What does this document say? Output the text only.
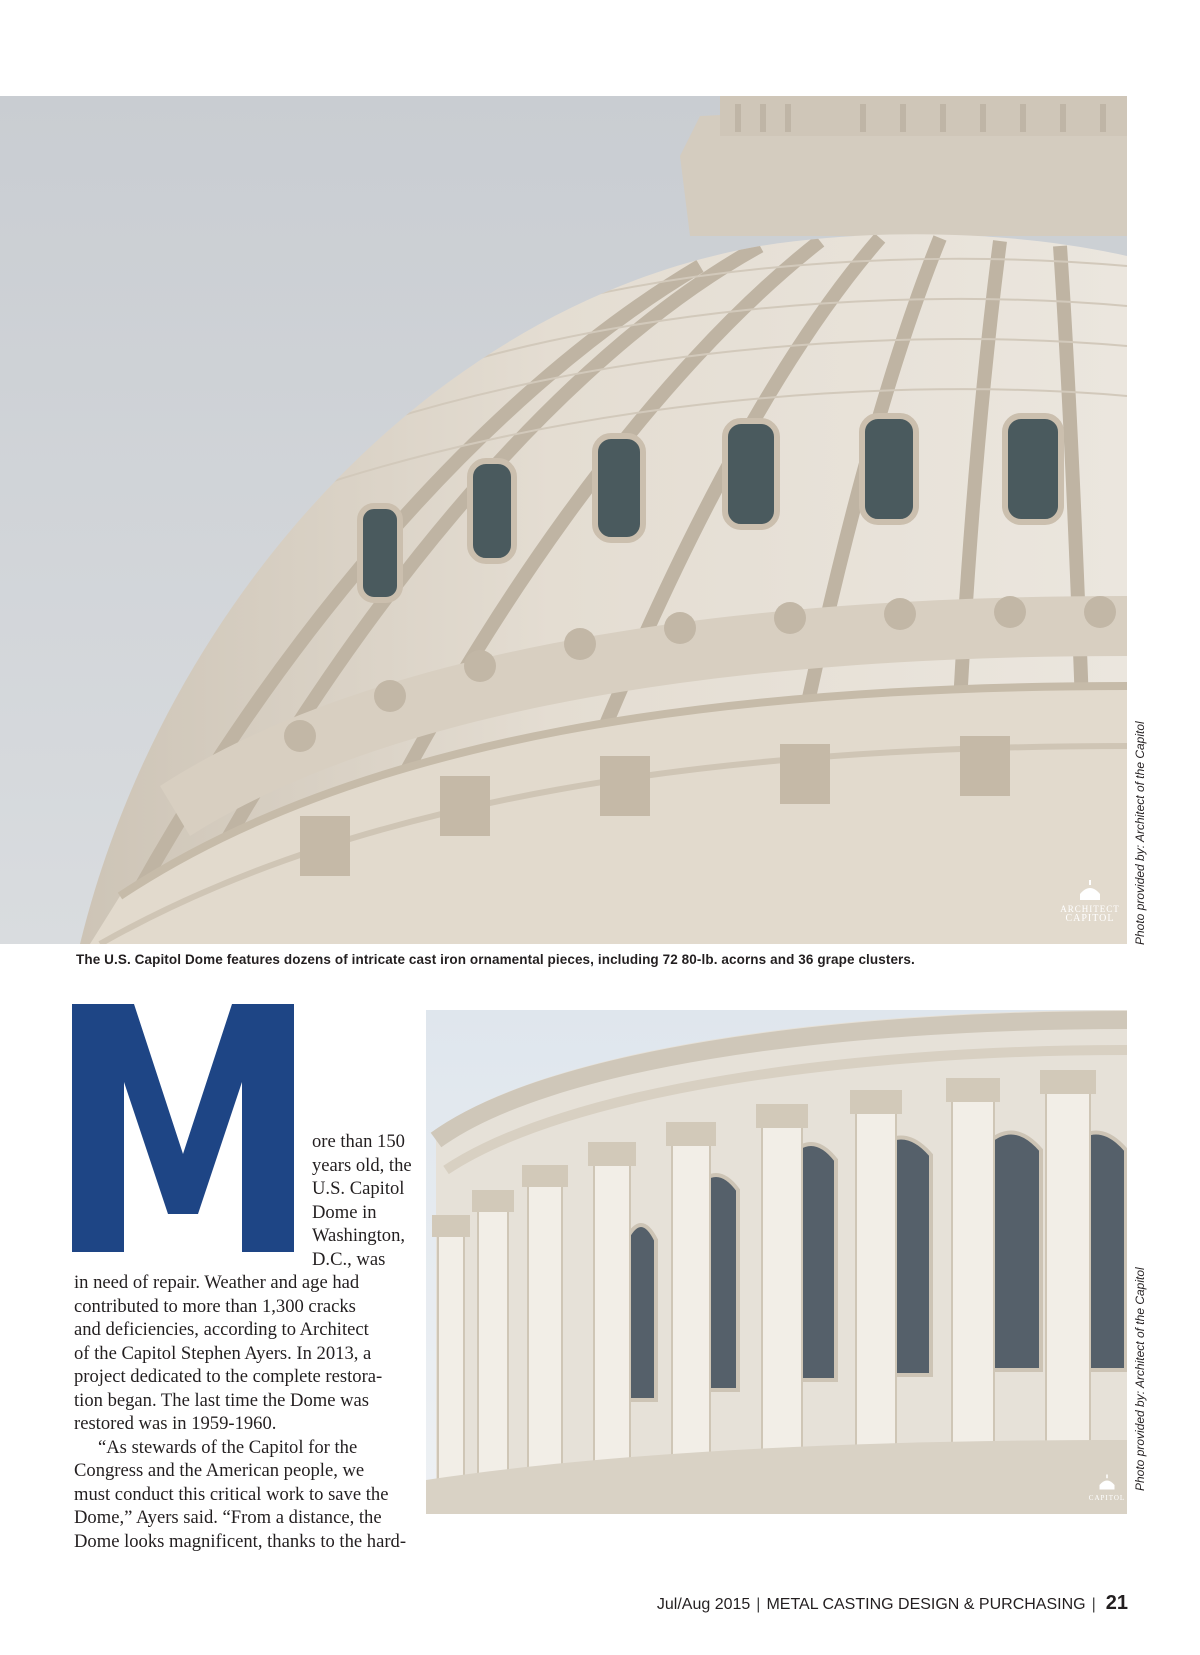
Photo provided by: Architect of the Capitol
ARCHITECT
CAPITOL
The U.S. Capitol Dome features dozens of intricate cast iron ornamental pieces, including 72 80-lb. acorns and 36 grape clusters.
Photo provided by: Architect of the Capitol
CAPITOL
ore than 150
years old, the
U.S. Capitol
Dome in
Washington,
D.C., was
in need of repair. Weather and age had
contributed to more than 1,300 cracks
and deficiencies, according to Architect
of the Capitol Stephen Ayers. In 2013, a
project dedicated to the complete restora-
tion began. The last time the Dome was
restored was in 1959-1960.
“As stewards of the Capitol for the
Congress and the American people, we
must conduct this critical work to save the
Dome,” Ayers said. “From a distance, the
Dome looks magnificent, thanks to the hard-
Jul/Aug 2015 | METAL CASTING DESIGN & PURCHASING | 21
